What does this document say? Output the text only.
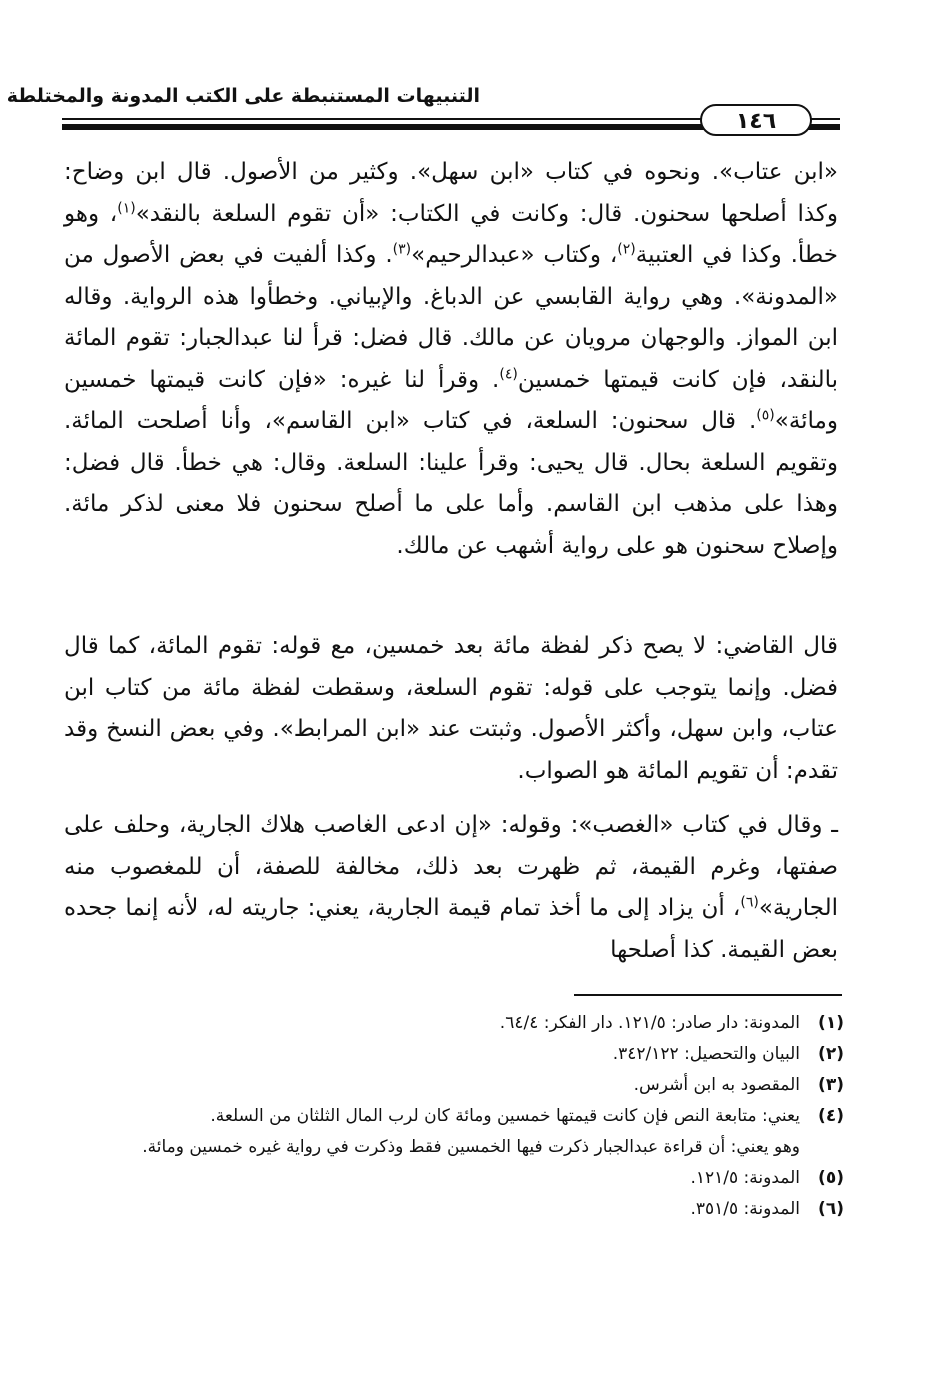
التنبيهات المستنبطة على الكتب المدونة والمختلطة
١٤٦

«ابن عتاب». ونحوه في كتاب «ابن سهل». وكثير من الأصول. قال ابن وضاح: وكذا أصلحها سحنون. قال: وكانت في الكتاب: «أن تقوم السلعة بالنقد»$^{(١)}$، وهو خطأ. وكذا في العتبية$^{(٢)}$، وكتاب «عبدالرحيم»$^{(٣)}$. وكذا ألفيت في بعض الأصول من «المدونة». وهي رواية القابسي عن الدباغ. والإبياني. وخطأوا هذه الرواية. وقاله ابن المواز. والوجهان مرويان عن مالك. قال فضل: قرأ لنا عبدالجبار: تقوم المائة بالنقد، فإن كانت قيمتها خمسين$^{(٤)}$. وقرأ لنا غيره: «فإن كانت قيمتها خمسين ومائة»$^{(٥)}$. قال سحنون: السلعة، في كتاب «ابن القاسم»، وأنا أصلحت المائة. وتقويم السلعة بحال. قال يحيى: وقرأ علينا: السلعة. وقال: هي خطأ. قال فضل: وهذا على مذهب ابن القاسم. وأما على ما أصلح سحنون فلا معنى لذكر مائة. وإصلاح سحنون هو على رواية أشهب عن مالك.

قال القاضي: لا يصح ذكر لفظة مائة بعد خمسين، مع قوله: تقوم المائة، كما قال فضل. وإنما يتوجب على قوله: تقوم السلعة، وسقطت لفظة مائة من كتاب ابن عتاب، وابن سهل، وأكثر الأصول. وثبتت عند «ابن المرابط». وفي بعض النسخ وقد تقدم: أن تقويم المائة هو الصواب.

ـ وقال في كتاب «الغصب»: وقوله: «إن ادعى الغاصب هلاك الجارية، وحلف على صفتها، وغرم القيمة، ثم ظهرت بعد ذلك، مخالفة للصفة، أن للمغصوب منه الجارية»$^{(٦)}$، أن يزاد إلى ما أخذ تمام قيمة الجارية، يعني: جاريته له، لأنه إنما جحده بعض القيمة. كذا أصلحها

(١)
المدونة: دار صادر: ١٢١/٥. دار الفكر: ٦٤/٤.
(٢)
البيان والتحصيل: ٣٤٢/١٢٢.
(٣)
المقصود به ابن أشرس.
(٤)
يعني: متابعة النص فإن كانت قيمتها خمسين ومائة كان لرب المال الثلثان من السلعة.
وهو يعني: أن قراءة عبدالجبار ذكرت فيها الخمسين فقط وذكرت في رواية غيره خمسين ومائة.
(٥)
المدونة: ١٢١/٥.
(٦)
المدونة: ٣٥١/٥.
